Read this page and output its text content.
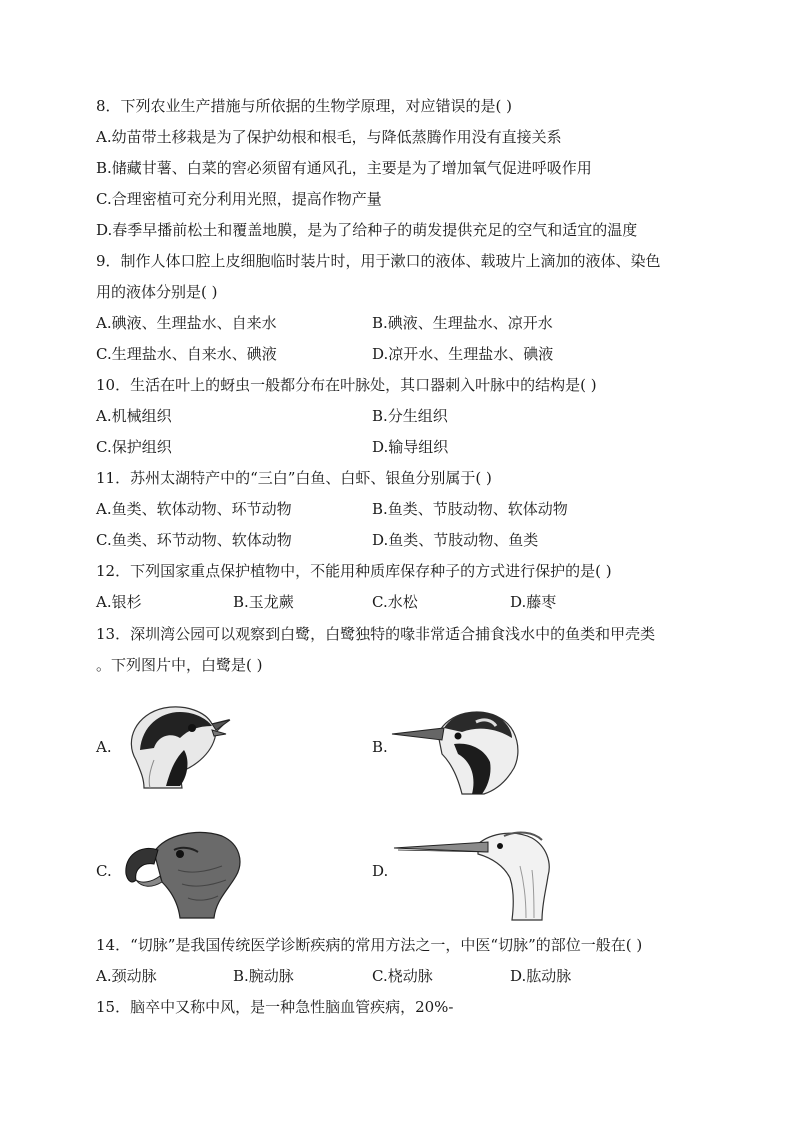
8．下列农业生产措施与所依据的生物学原理，对应错误的是( )
A.幼苗带土移栽是为了保护幼根和根毛，与降低蒸腾作用没有直接关系
B.储藏甘薯、白菜的窖必须留有通风孔，主要是为了增加氧气促进呼吸作用
C.合理密植可充分利用光照，提高作物产量
D.春季早播前松土和覆盖地膜，是为了给种子的萌发提供充足的空气和适宜的温度
9．制作人体口腔上皮细胞临时装片时，用于漱口的液体、载玻片上滴加的液体、染色
用的液体分别是( )
A.碘液、生理盐水、自来水	B.碘液、生理盐水、凉开水
C.生理盐水、自来水、碘液	D.凉开水、生理盐水、碘液
10．生活在叶上的蚜虫一般都分布在叶脉处，其口器刺入叶脉中的结构是( )
A.机械组织	B.分生组织
C.保护组织	D.输导组织
11．苏州太湖特产中的“三白”白鱼、白虾、银鱼分别属于( )
A.鱼类、软体动物、环节动物	B.鱼类、节肢动物、软体动物
C.鱼类、环节动物、软体动物	D.鱼类、节肢动物、鱼类
12．下列国家重点保护植物中，不能用种质库保存种子的方式进行保护的是( )
A.银杉	B.玉龙蕨	C.水松	D.藤枣
13．深圳湾公园可以观察到白鹭，白鹭独特的喙非常适合捕食浅水中的鱼类和甲壳类
。下列图片中，白鹭是( )
A.	B.
C.	D.
14．“切脉”是我国传统医学诊断疾病的常用方法之一，中医“切脉”的部位一般在( )
A.颈动脉	B.腕动脉	C.桡动脉	D.肱动脉
15．脑卒中又称中风，是一种急性脑血管疾病，20%-
